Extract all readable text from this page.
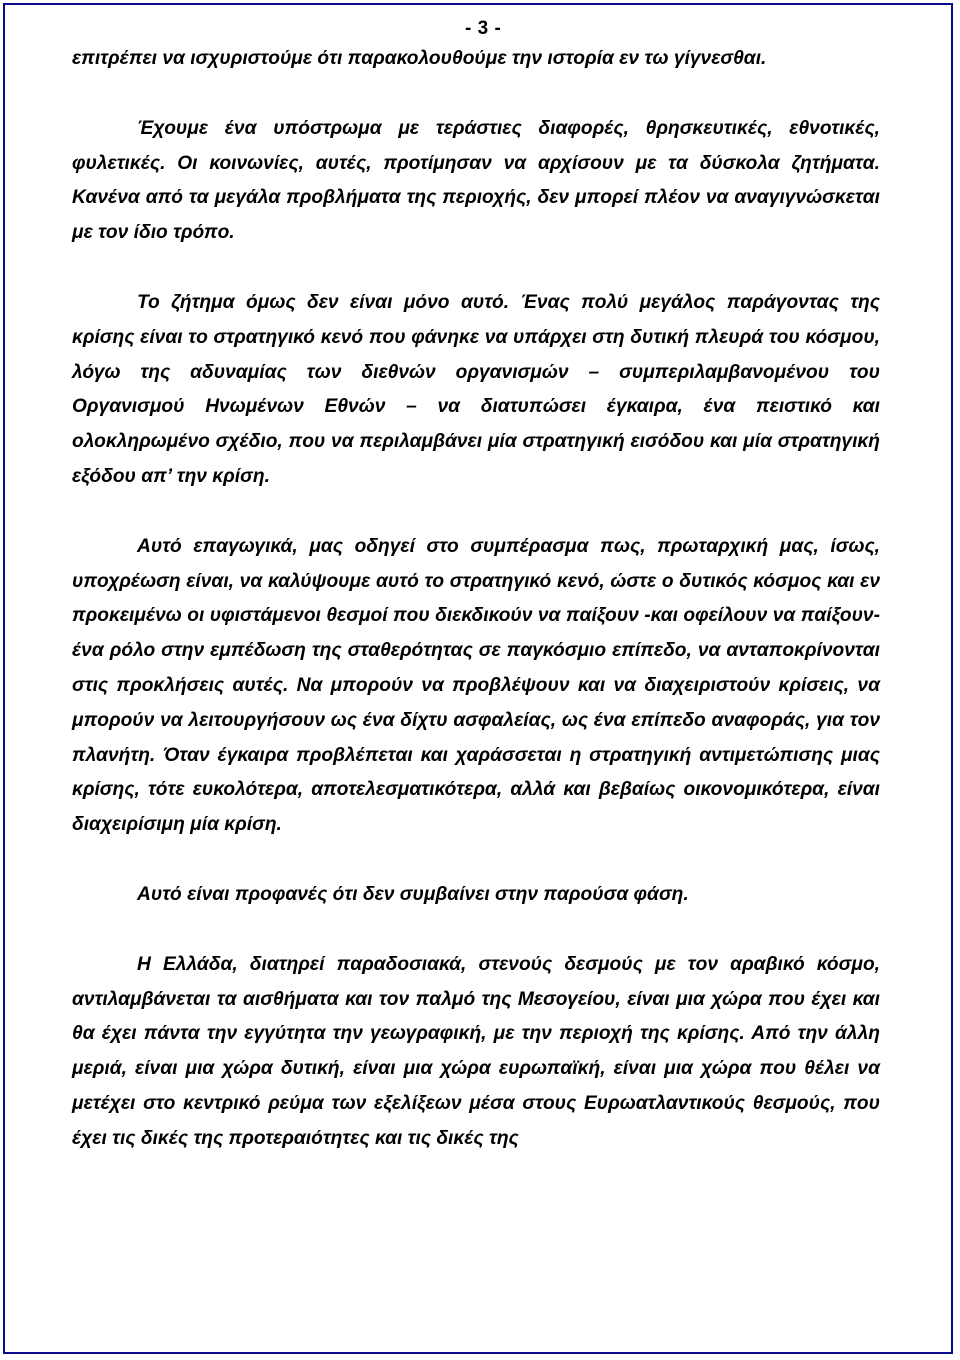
- 3 -

επιτρέπει να ισχυριστούμε ότι παρακολουθούμε την ιστορία εν τω γίγνεσθαι.

Έχουμε ένα υπόστρωμα με τεράστιες διαφορές, θρησκευτικές, εθνοτικές, φυλετικές. Οι κοινωνίες, αυτές, προτίμησαν να αρχίσουν με τα δύσκολα ζητήματα. Κανένα από τα μεγάλα προβλήματα της περιοχής, δεν μπορεί πλέον να αναγιγνώσκεται με τον ίδιο τρόπο.

Το ζήτημα όμως δεν είναι μόνο αυτό. Ένας πολύ μεγάλος παράγοντας της κρίσης είναι το στρατηγικό κενό που φάνηκε να υπάρχει στη δυτική πλευρά του κόσμου, λόγω της αδυναμίας των διεθνών οργανισμών – συμπεριλαμβανομένου του Οργανισμού Ηνωμένων Εθνών – να διατυπώσει έγκαιρα, ένα πειστικό και ολοκληρωμένο σχέδιο, που να περιλαμβάνει μία στρατηγική εισόδου και μία στρατηγική εξόδου απ’ την κρίση.

Αυτό επαγωγικά, μας οδηγεί στο συμπέρασμα πως, πρωταρχική μας, ίσως, υποχρέωση είναι, να καλύψουμε αυτό το στρατηγικό κενό, ώστε ο δυτικός κόσμος και εν προκειμένω οι υφιστάμενοι θεσμοί που διεκδικούν να παίξουν -και οφείλουν να παίξουν- ένα ρόλο στην εμπέδωση της σταθερότητας σε παγκόσμιο επίπεδο, να ανταποκρίνονται στις προκλήσεις αυτές. Να μπορούν να προβλέψουν και να διαχειριστούν κρίσεις, να μπορούν να λειτουργήσουν ως ένα δίχτυ ασφαλείας, ως ένα επίπεδο αναφοράς, για τον πλανήτη. Όταν έγκαιρα προβλέπεται και χαράσσεται η στρατηγική αντιμετώπισης μιας κρίσης, τότε ευκολότερα, αποτελεσματικότερα, αλλά και βεβαίως οικονομικότερα, είναι διαχειρίσιμη μία κρίση.

Αυτό είναι προφανές ότι δεν συμβαίνει στην παρούσα φάση.

Η Ελλάδα, διατηρεί παραδοσιακά, στενούς δεσμούς με τον αραβικό κόσμο, αντιλαμβάνεται τα αισθήματα και τον παλμό της Μεσογείου, είναι μια χώρα που έχει και θα έχει πάντα την εγγύτητα την γεωγραφική, με την περιοχή της κρίσης. Από την άλλη μεριά, είναι μια χώρα δυτική, είναι μια χώρα ευρωπαϊκή, είναι μια χώρα που θέλει να μετέχει στο κεντρικό ρεύμα των εξελίξεων μέσα στους Ευρωατλαντικούς θεσμούς, που έχει τις δικές της προτεραιότητες και τις δικές της
